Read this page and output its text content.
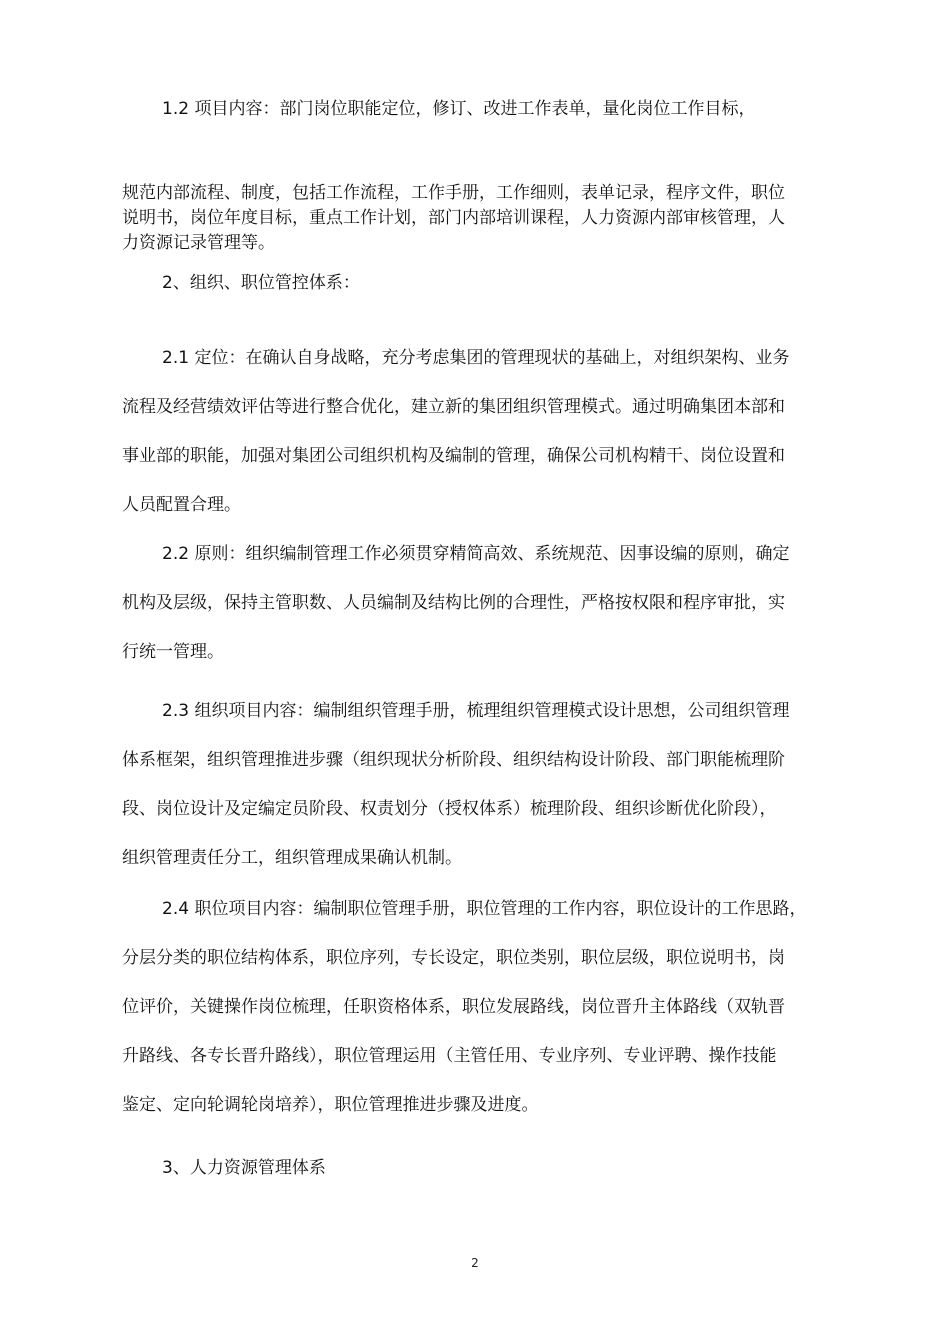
1.2 项目内容：部门岗位职能定位，修订、改进工作表单，量化岗位工作目标，

规范内部流程、制度，包括工作流程，工作手册，工作细则，表单记录，程序文件，职位
说明书，岗位年度目标，重点工作计划，部门内部培训课程，人力资源内部审核管理，人
力资源记录管理等。

2、组织、职位管控体系：

2.1 定位：在确认自身战略，充分考虑集团的管理现状的基础上，对组织架构、业务
流程及经营绩效评估等进行整合优化，建立新的集团组织管理模式。通过明确集团本部和
事业部的职能，加强对集团公司组织机构及编制的管理，确保公司机构精干、岗位设置和
人员配置合理。

2.2 原则：组织编制管理工作必须贯穿精简高效、系统规范、因事设编的原则，确定
机构及层级，保持主管职数、人员编制及结构比例的合理性，严格按权限和程序审批，实
行统一管理。

2.3 组织项目内容：编制组织管理手册，梳理组织管理模式设计思想，公司组织管理
体系框架，组织管理推进步骤（组织现状分析阶段、组织结构设计阶段、部门职能梳理阶
段、岗位设计及定编定员阶段、权责划分（授权体系）梳理阶段、组织诊断优化阶段），
组织管理责任分工，组织管理成果确认机制。

2.4 职位项目内容：编制职位管理手册，职位管理的工作内容，职位设计的工作思路，
分层分类的职位结构体系，职位序列，专长设定，职位类别，职位层级，职位说明书，岗
位评价，关键操作岗位梳理，任职资格体系，职位发展路线，岗位晋升主体路线（双轨晋
升路线、各专长晋升路线），职位管理运用（主管任用、专业序列、专业评聘、操作技能
鉴定、定向轮调轮岗培养），职位管理推进步骤及进度。

3、人力资源管理体系

2
